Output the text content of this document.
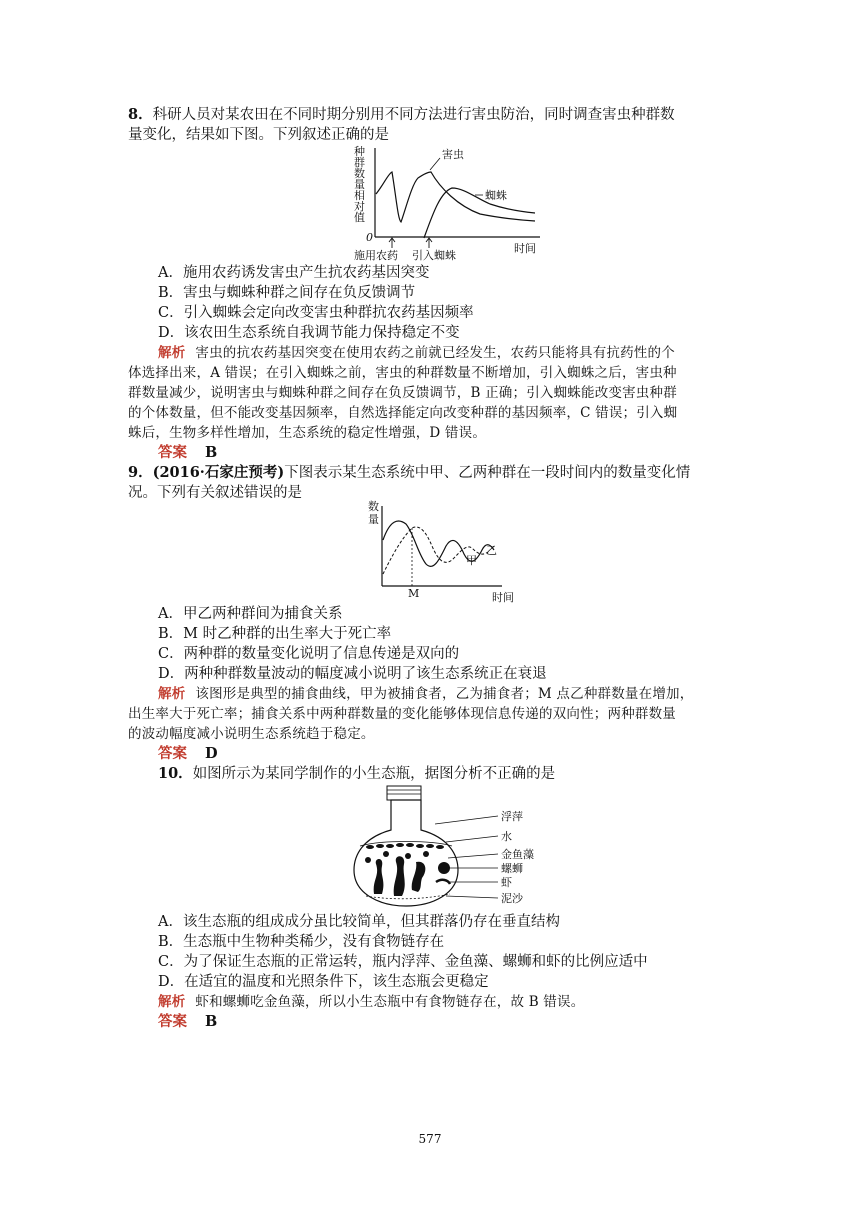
8．科研人员对某农田在不同时期分别用不同方法进行害虫防治，同时调查害虫种群数
量变化，结果如下图。下列叙述正确的是
种
群
数
量
相
对
值
0
害虫
蜘蛛
时间
施用农药 引入蜘蛛
A．施用农药诱发害虫产生抗农药基因突变
B．害虫与蜘蛛种群之间存在负反馈调节
C．引入蜘蛛会定向改变害虫种群抗农药基因频率
D．该农田生态系统自我调节能力保持稳定不变
解析 害虫的抗农药基因突变在使用农药之前就已经发生，农药只能将具有抗药性的个
体选择出来，A 错误；在引入蜘蛛之前，害虫的种群数量不断增加，引入蜘蛛之后，害虫种
群数量减少，说明害虫与蜘蛛种群之间存在负反馈调节，B 正确；引入蜘蛛能改变害虫种群
的个体数量，但不能改变基因频率，自然选择能定向改变种群的基因频率，C 错误；引入蜘
蛛后，生物多样性增加，生态系统的稳定性增强，D 错误。
答案 B
9．(2016·石家庄预考)下图表示某生态系统中甲、乙两种群在一段时间内的数量变化情
况。下列有关叙述错误的是
数
量
M
乙
甲
时间
A．甲乙两种群间为捕食关系
B．M 时乙种群的出生率大于死亡率
C．两种群的数量变化说明了信息传递是双向的
D．两种种群数量波动的幅度减小说明了该生态系统正在衰退
解析 该图形是典型的捕食曲线，甲为被捕食者，乙为捕食者；M 点乙种群数量在增加，
出生率大于死亡率；捕食关系中两种群数量的变化能够体现信息传递的双向性；两种群数量
的波动幅度减小说明生态系统趋于稳定。
答案 D
10．如图所示为某同学制作的小生态瓶，据图分析不正确的是
浮萍
水
金鱼藻
螺蛳
虾
泥沙
A．该生态瓶的组成成分虽比较简单，但其群落仍存在垂直结构
B．生态瓶中生物种类稀少，没有食物链存在
C．为了保证生态瓶的正常运转，瓶内浮萍、金鱼藻、螺蛳和虾的比例应适中
D．在适宜的温度和光照条件下，该生态瓶会更稳定
解析 虾和螺蛳吃金鱼藻，所以小生态瓶中有食物链存在，故 B 错误。
答案 B
577
